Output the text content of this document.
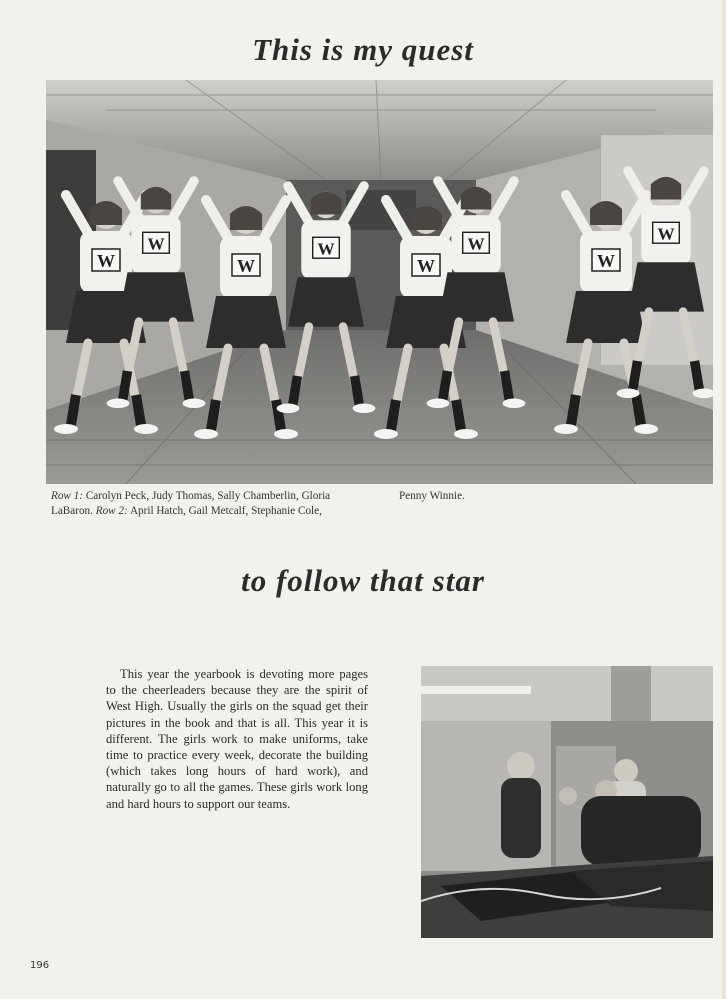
This is my quest
W
W
W
W
W
W
W
W
Row 1: Carolyn Peck, Judy Thomas, Sally Chamberlin, Gloria LaBaron. Row 2: April Hatch, Gail Metcalf, Stephanie Cole,
Penny Winnie.
to follow that star

This year the yearbook is devoting more pages to the cheerleaders because they are the spirit of West High. Usually the girls on the squad get their pictures in the book and that is all. This year it is different. The girls work to make uniforms, take time to practice every week, decorate the building (which takes long hours of hard work), and naturally go to all the games. These girls work long and hard hours to support our teams.

196
